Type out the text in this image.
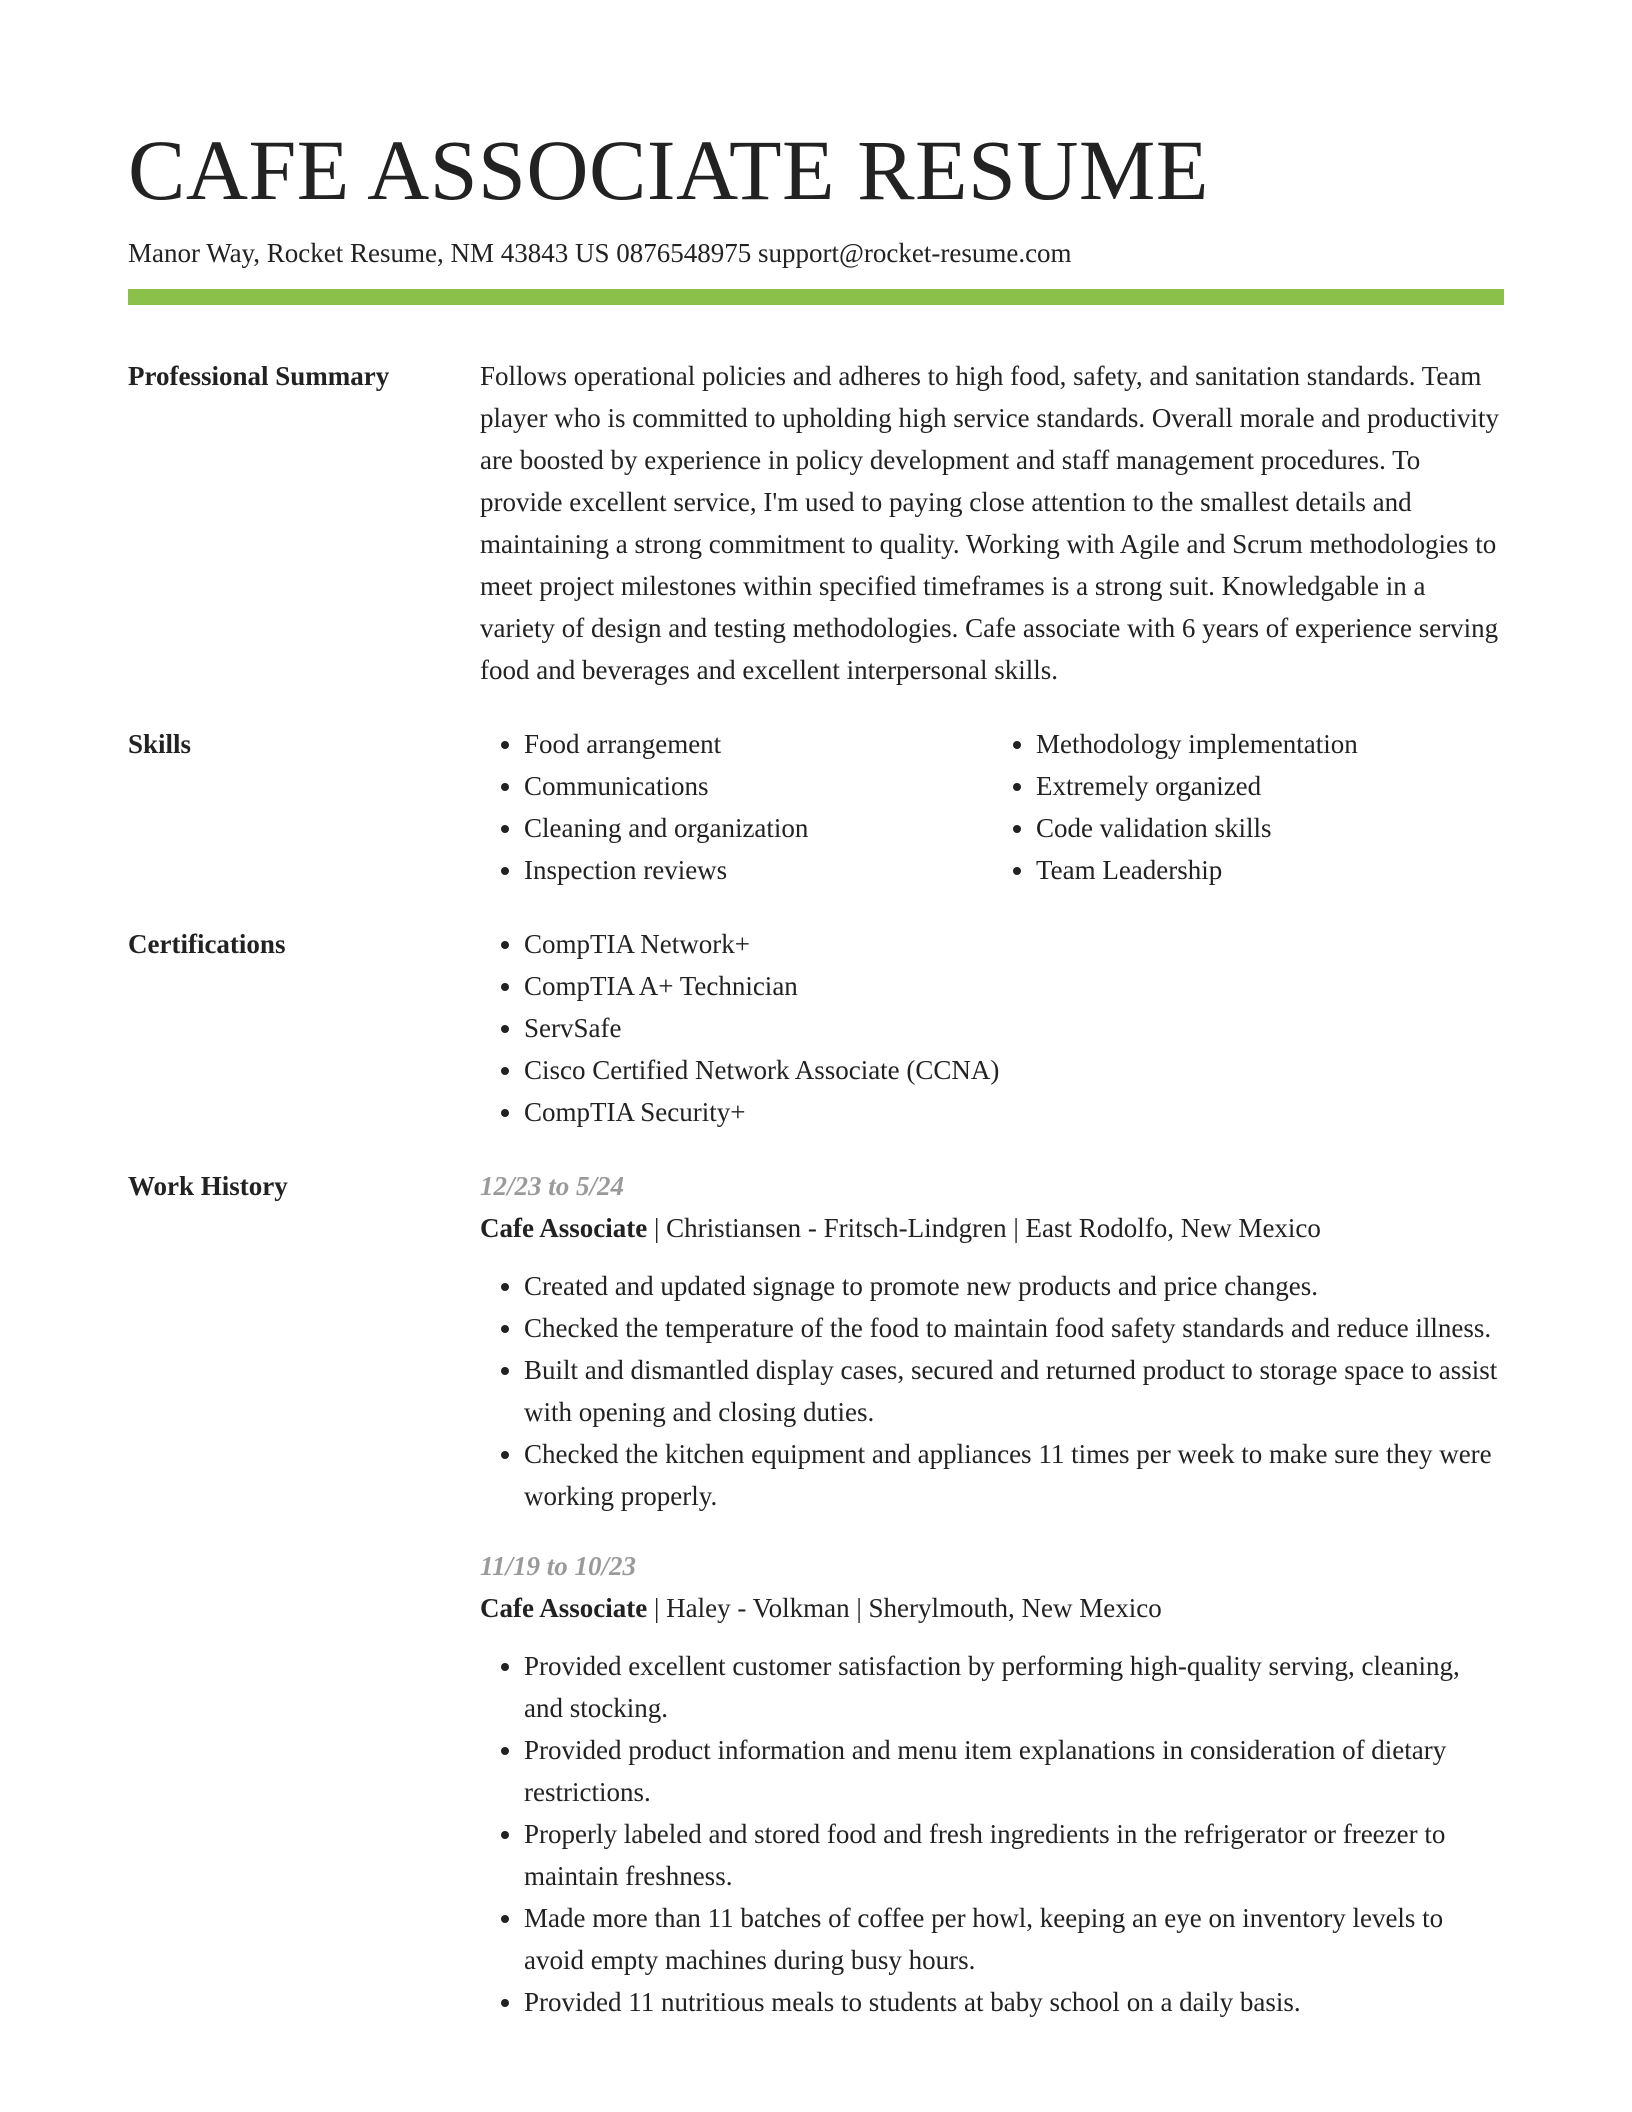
CAFE ASSOCIATE RESUME
Manor Way, Rocket Resume, NM 43843 US 0876548975 support@rocket-resume.com
Professional Summary	Follows operational policies and adheres to high food, safety, and sanitation standards. Team player who is committed to upholding high service standards. Overall morale and productivity are boosted by experience in policy development and staff management procedures. To provide excellent service, I'm used to paying close attention to the smallest details and maintaining a strong commitment to quality. Working with Agile and Scrum methodologies to meet project milestones within specified timeframes is a strong suit. Knowledgable in a variety of design and testing methodologies. Cafe associate with 6 years of experience serving food and beverages and excellent interpersonal skills.

Skills	• Food arrangement
• Communications
• Cleaning and organization
• Inspection reviews
• Methodology implementation
• Extremely organized
• Code validation skills
• Team Leadership
Certifications	• CompTIA Network+
• CompTIA A+ Technician
• ServSafe
• Cisco Certified Network Associate (CCNA)
• CompTIA Security+
Work History	12/23 to 5/24
Cafe Associate | Christiansen - Fritsch-Lindgren | East Rodolfo, New Mexico
• Created and updated signage to promote new products and price changes.
• Checked the temperature of the food to maintain food safety standards and reduce illness.
• Built and dismantled display cases, secured and returned product to storage space to assist with opening and closing duties.
• Checked the kitchen equipment and appliances 11 times per week to make sure they were working properly.
11/19 to 10/23
Cafe Associate | Haley - Volkman | Sherylmouth, New Mexico
• Provided excellent customer satisfaction by performing high-quality serving, cleaning, and stocking.
• Provided product information and menu item explanations in consideration of dietary restrictions.
• Properly labeled and stored food and fresh ingredients in the refrigerator or freezer to maintain freshness.
• Made more than 11 batches of coffee per howl, keeping an eye on inventory levels to avoid empty machines during busy hours.
• Provided 11 nutritious meals to students at baby school on a daily basis.
